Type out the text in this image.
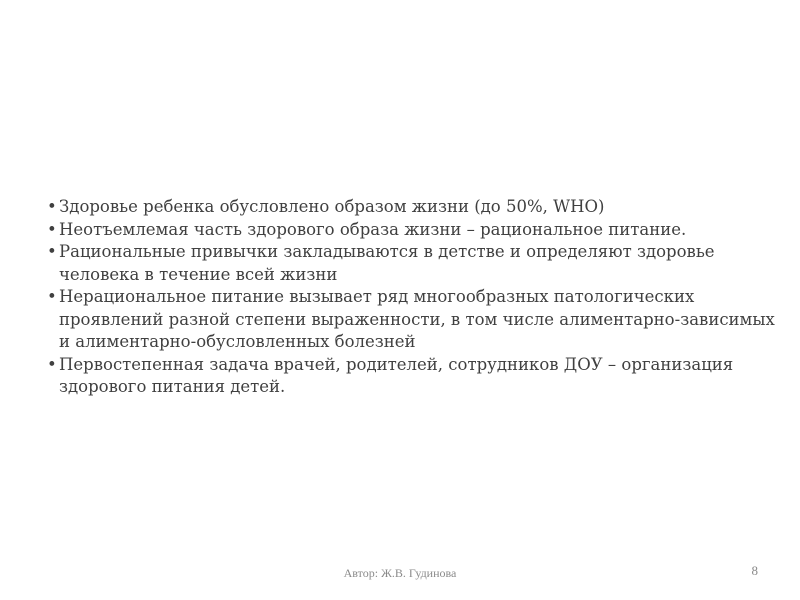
• Здоровье ребенка обусловлено образом жизни (до 50%, WHO)
• Неотъемлемая часть здорового образа жизни – рациональное питание.
• Рациональные привычки закладываются в детстве и определяют здоровье человека в течение всей жизни
• Нерациональное питание вызывает ряд многообразных патологических проявлений разной степени выраженности, в том числе алиментарно-зависимых и алиментарно-обусловленных болезней
• Первостепенная задача врачей, родителей, сотрудников ДОУ – организация здорового питания детей.
Автор: Ж.В. Гудинова	8
